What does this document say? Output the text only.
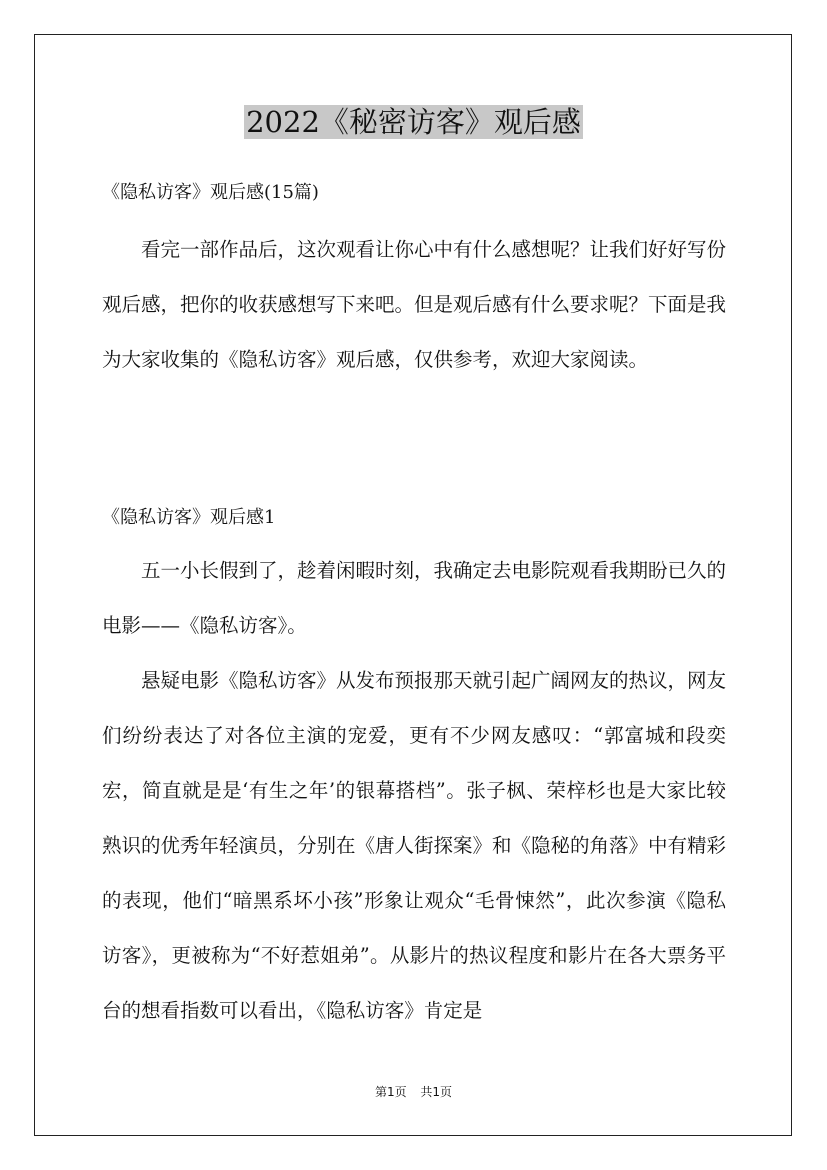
2022《秘密访客》观后感
《隐私访客》观后感(15篇)

看完一部作品后，这次观看让你心中有什么感想呢？让我们好好写份观后感，把你的收获感想写下来吧。但是观后感有什么要求呢？下面是我为大家收集的《隐私访客》观后感，仅供参考，欢迎大家阅读。

《隐私访客》观后感1

五一小长假到了，趁着闲暇时刻，我确定去电影院观看我期盼已久的电影——《隐私访客》。

悬疑电影《隐私访客》从发布预报那天就引起广阔网友的热议，网友们纷纷表达了对各位主演的宠爱，更有不少网友感叹：“郭富城和段奕宏，简直就是是‘有生之年’的银幕搭档”。张子枫、荣梓杉也是大家比较熟识的优秀年轻演员，分别在《唐人街探案》和《隐秘的角落》中有精彩的表现，他们“暗黑系坏小孩”形象让观众“毛骨悚然”，此次参演《隐私访客》，更被称为“不好惹姐弟”。从影片的热议程度和影片在各大票务平台的想看指数可以看出，《隐私访客》肯定是

第1页 共1页
